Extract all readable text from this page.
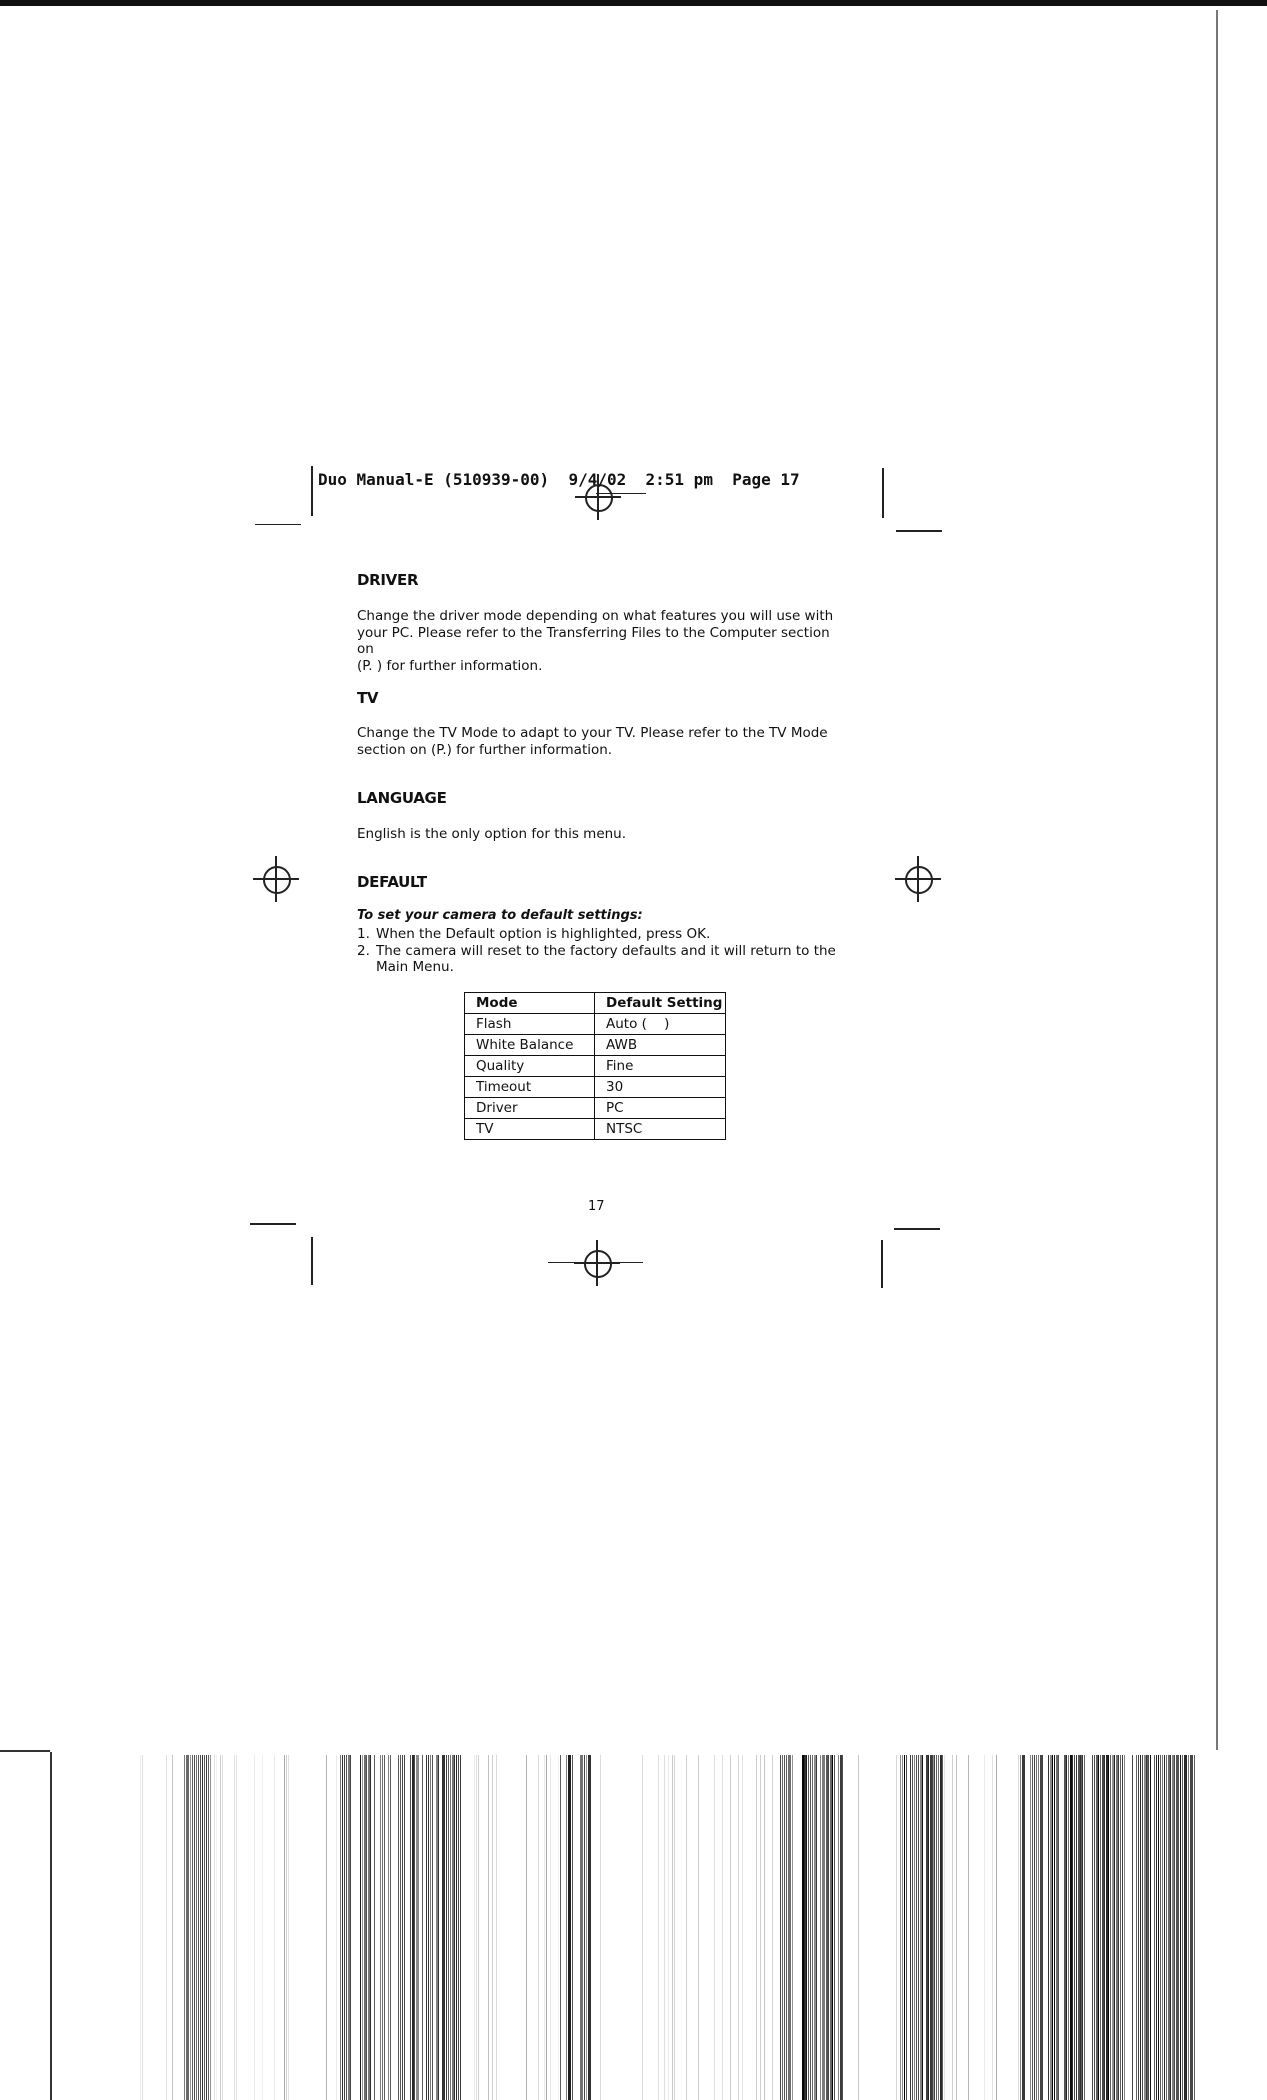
Duo Manual-E (510939-00)  9/4/02  2:51 pm  Page 17
DRIVER
Change the driver mode depending on what features you will use with
your PC. Please refer to the Transferring Files to the Computer section on
(P. ) for further information.
TV
Change the TV Mode to adapt to your TV. Please refer to the TV Mode
section on (P.) for further information.
LANGUAGE
English is the only option for this menu.
DEFAULT
To set your camera to default settings:
1. When the Default option is highlighted, press OK.
2. The camera will reset to the factory defaults and it will return to the Main Menu.
Mode	Default Setting
Flash	Auto (    )
White Balance	AWB
Quality	Fine
Timeout	30
Driver	PC
TV	NTSC
17
